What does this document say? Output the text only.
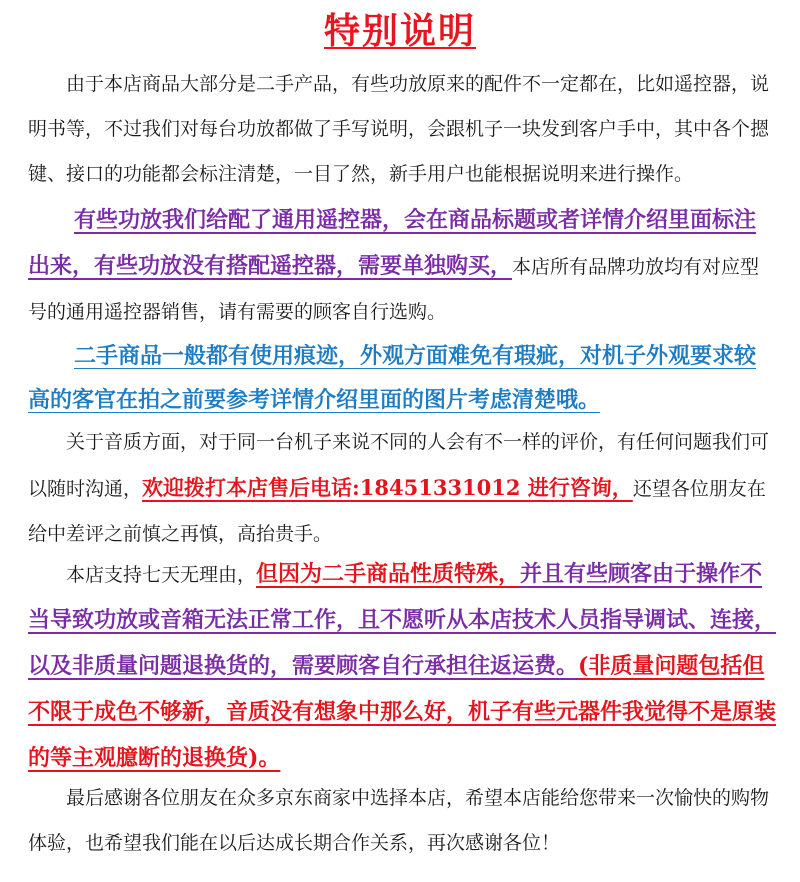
特别说明

由于本店商品大部分是二手产品，有些功放原来的配件不一定都在，比如遥控器，说明书等，不过我们对每台功放都做了手写说明，会跟机子一块发到客户手中，其中各个摁键、接口的功能都会标注清楚，一目了然，新手用户也能根据说明来进行操作。

有些功放我们给配了通用遥控器，会在商品标题或者详情介绍里面标注出来，有些功放没有搭配遥控器，需要单独购买，本店所有品牌功放均有对应型号的通用遥控器销售，请有需要的顾客自行选购。

二手商品一般都有使用痕迹，外观方面难免有瑕疵，对机子外观要求较高的客官在拍之前要参考详情介绍里面的图片考虑清楚哦。

关于音质方面，对于同一台机子来说不同的人会有不一样的评价，有任何问题我们可以随时沟通，欢迎拨打本店售后电话:18451331012 进行咨询，还望各位朋友在给中差评之前慎之再慎，高抬贵手。

本店支持七天无理由，但因为二手商品性质特殊，并且有些顾客由于操作不当导致功放或音箱无法正常工作，且不愿听从本店技术人员指导调试、连接，以及非质量问题退换货的，需要顾客自行承担往返运费。(非质量问题包括但不限于成色不够新，音质没有想象中那么好，机子有些元器件我觉得不是原装的等主观臆断的退换货)。

最后感谢各位朋友在众多京东商家中选择本店，希望本店能给您带来一次愉快的购物体验，也希望我们能在以后达成长期合作关系，再次感谢各位！
